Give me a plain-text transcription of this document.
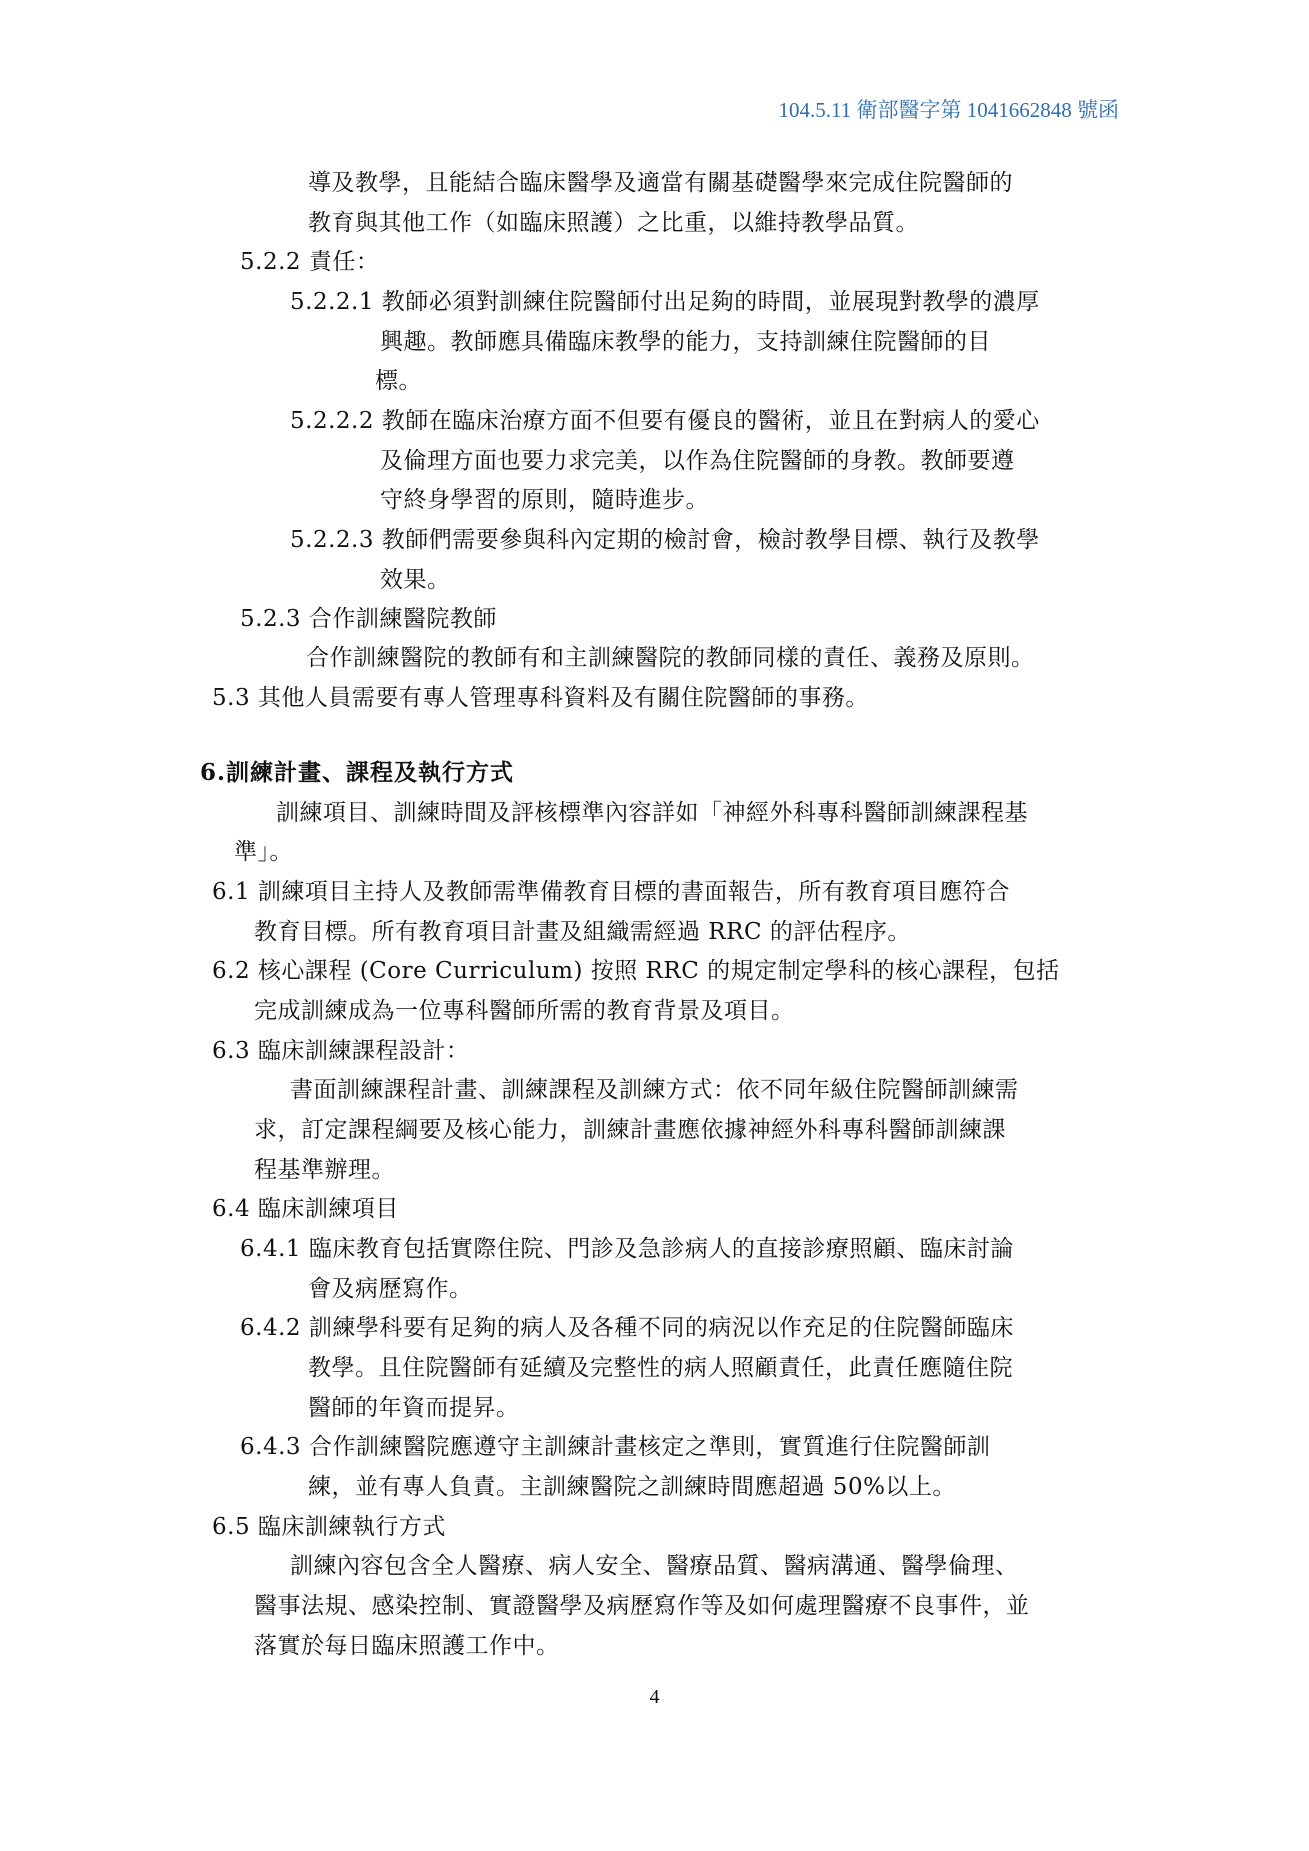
104.5.11 衛部醫字第 1041662848 號函
導及教學，且能結合臨床醫學及適當有關基礎醫學來完成住院醫師的
教育與其他工作（如臨床照護）之比重，以維持教學品質。
5.2.2 責任：
5.2.2.1 教師必須對訓練住院醫師付出足夠的時間，並展現對教學的濃厚
興趣。教師應具備臨床教學的能力，支持訓練住院醫師的目
標。
5.2.2.2 教師在臨床治療方面不但要有優良的醫術，並且在對病人的愛心
及倫理方面也要力求完美，以作為住院醫師的身教。教師要遵
守終身學習的原則，隨時進步。
5.2.2.3 教師們需要參與科內定期的檢討會，檢討教學目標、執行及教學
效果。
5.2.3 合作訓練醫院教師
合作訓練醫院的教師有和主訓練醫院的教師同樣的責任、義務及原則。
5.3 其他人員需要有專人管理專科資料及有關住院醫師的事務。
6.訓練計畫、課程及執行方式
訓練項目、訓練時間及評核標準內容詳如「神經外科專科醫師訓練課程基
準」。
6.1 訓練項目主持人及教師需準備教育目標的書面報告，所有教育項目應符合
教育目標。所有教育項目計畫及組織需經過 RRC 的評估程序。
6.2 核心課程 (Core Curriculum) 按照 RRC 的規定制定學科的核心課程，包括
完成訓練成為一位專科醫師所需的教育背景及項目。
6.3 臨床訓練課程設計：
書面訓練課程計畫、訓練課程及訓練方式：依不同年級住院醫師訓練需
求，訂定課程綱要及核心能力，訓練計畫應依據神經外科專科醫師訓練課
程基準辦理。
6.4 臨床訓練項目
6.4.1 臨床教育包括實際住院、門診及急診病人的直接診療照顧、臨床討論
會及病歷寫作。
6.4.2 訓練學科要有足夠的病人及各種不同的病況以作充足的住院醫師臨床
教學。且住院醫師有延續及完整性的病人照顧責任，此責任應隨住院
醫師的年資而提昇。
6.4.3 合作訓練醫院應遵守主訓練計畫核定之準則，實質進行住院醫師訓
練，並有專人負責。主訓練醫院之訓練時間應超過 50%以上。
6.5 臨床訓練執行方式
訓練內容包含全人醫療、病人安全、醫療品質、醫病溝通、醫學倫理、
醫事法規、感染控制、實證醫學及病歷寫作等及如何處理醫療不良事件，並
落實於每日臨床照護工作中。
4
